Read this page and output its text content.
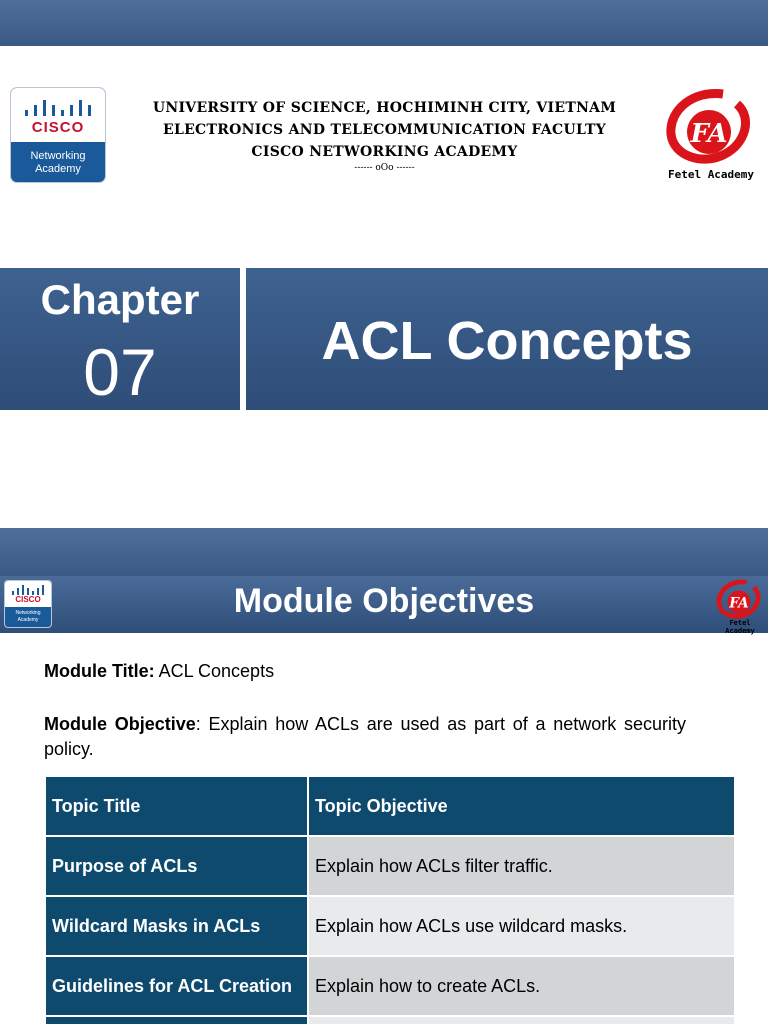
CISCO
Networking
Academy
UNIVERSITY OF SCIENCE, HOCHIMINH CITY, VIETNAM
ELECTRONICS AND TELECOMMUNICATION FACULTY
CISCO NETWORKING ACADEMY
------ oOo ------
FA
Fetel Academy
Chapter
07	ACL Concepts
CISCO
Networking
Academy	Module Objectives	FA
Fetel Academy
Module Title: ACL Concepts
Module Objective: Explain how ACLs are used as part of a network security policy.
Topic Title	Topic Objective
Purpose of ACLs	Explain how ACLs filter traffic.
Wildcard Masks in ACLs	Explain how ACLs use wildcard masks.
Guidelines for ACL Creation	Explain how to create ACLs.
